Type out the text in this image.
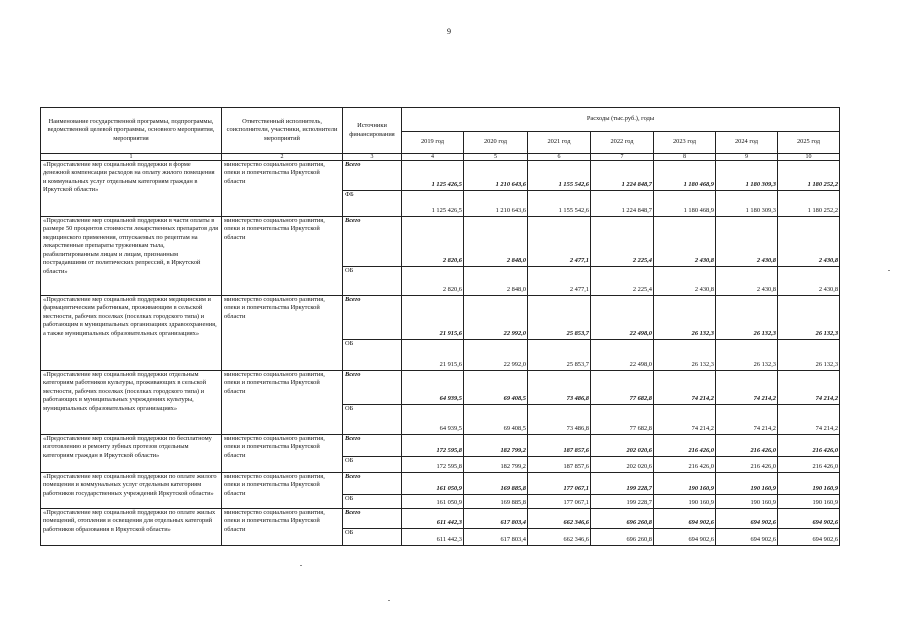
9
Наименование государственной программы, подпрограммы, ведомственной целевой программы, основного мероприятия, мероприятия	Ответственный исполнитель, соисполнители, участники, исполнители мероприятий	Источники финансирования	Расходы (тыс.руб.), годы						
			2019 год	2020 год	2021 год	2022 год	2023 год	2024 год	2025 год
1	2	3	4	5	6	7	8	9	10
«Предоставление мер социальной поддержки в форме денежной компенсации расходов на оплату жилого помещения и коммунальных услуг отдельным категориям граждан в Иркутской области»	министерство социального развития, опеки и попечительства Иркутской области	Всего	1 125 426,5	1 210 643,6	1 155 542,6	1 224 848,7	1 180 468,9	1 180 309,3	1 180 252,2
		ФБ	1 125 426,5	1 210 643,6	1 155 542,6	1 224 848,7	1 180 468,9	1 180 309,3	1 180 252,2
«Предоставление мер социальной поддержки в части оплаты в размере 50 процентов стоимости лекарственных препаратов для медицинского применения, отпускаемых по рецептам на лекарственные препараты труженикам тыла, реабилитированным лицам и лицам, признанным пострадавшими от политических репрессий, в Иркутской области»	министерство социального развития, опеки и попечительства Иркутской области	Всего	2 820,6	2 848,0	2 477,1	2 225,4	2 430,8	2 430,8	2 430,8
		ОБ	2 820,6	2 848,0	2 477,1	2 225,4	2 430,8	2 430,8	2 430,8
«Предоставление мер социальной поддержки медицинским и фармацевтическим работникам, проживающим в сельской местности, рабочих поселках (поселках городского типа) и работающим в муниципальных организациях здравоохранения, а также муниципальных образовательных организациях»	министерство социального развития, опеки и попечительства Иркутской области	Всего	21 915,6	22 992,0	25 853,7	22 498,0	26 132,3	26 132,3	26 132,3
		ОБ	21 915,6	22 992,0	25 853,7	22 498,0	26 132,3	26 132,3	26 132,3
«Предоставление мер социальной поддержки отдельным категориям работников культуры, проживающих в сельской местности, рабочих поселках (поселках городского типа) и работающих в муниципальных учреждениях культуры, муниципальных образовательных организациях»	министерство социального развития, опеки и попечительства Иркутской области	Всего	64 939,5	69 408,5	73 486,8	77 682,8	74 214,2	74 214,2	74 214,2
		ОБ	64 939,5	69 408,5	73 486,8	77 682,8	74 214,2	74 214,2	74 214,2
«Предоставление мер социальной поддержки по бесплатному изготовлению и ремонту зубных протезов отдельным категориям граждан в Иркутской области»	министерство социального развития, опеки и попечительства Иркутской области	Всего	172 595,8	182 799,2	187 857,6	202 020,6	216 426,0	216 426,0	216 426,0
		ОБ	172 595,8	182 799,2	187 857,6	202 020,6	216 426,0	216 426,0	216 426,0
«Предоставление мер социальной поддержки по оплате жилого помещения и коммунальных услуг отдельным категориям работников государственных учреждений Иркутской области»	министерство социального развития, опеки и попечительства Иркутской области	Всего	161 050,9	169 885,8	177 067,1	199 228,7	190 160,9	190 160,9	190 160,9
		ОБ	161 050,9	169 885,8	177 067,1	199 228,7	190 160,9	190 160,9	190 160,9
«Предоставление мер социальной поддержки по оплате жилых помещений, отопления и освещения для отдельных категорий работников образования в Иркутской области»	министерство социального развития, опеки и попечительства Иркутской области	Всего	611 442,3	617 803,4	662 346,6	696 260,8	694 902,6	694 902,6	694 902,6
		ОБ	611 442,3	617 803,4	662 346,6	696 260,8	694 902,6	694 902,6	694 902,6
